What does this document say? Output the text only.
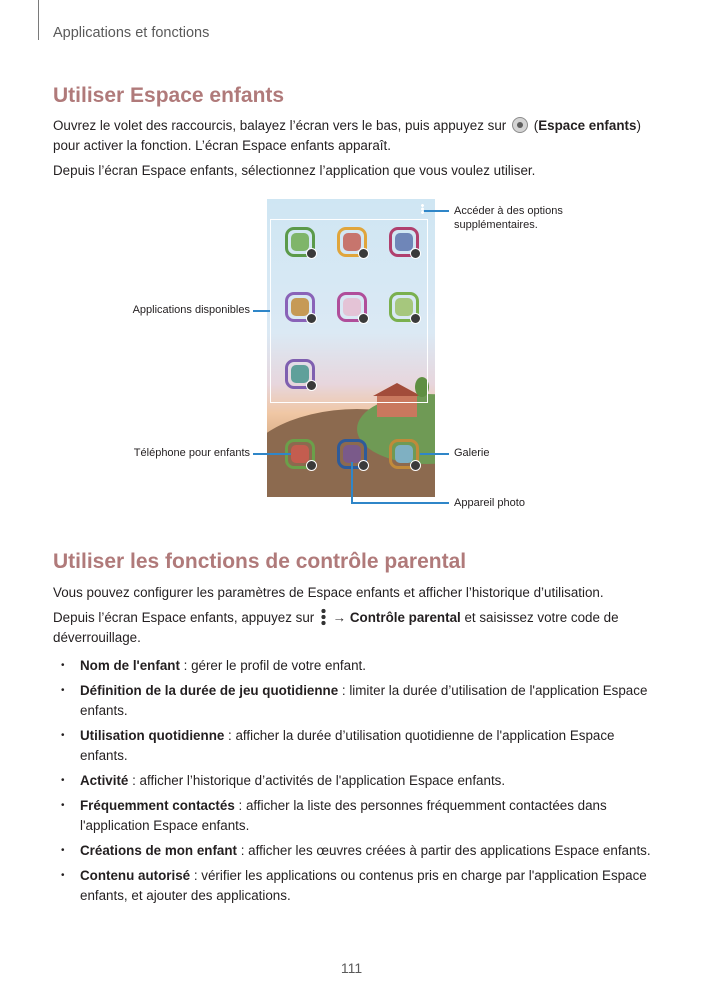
Applications et fonctions
Utiliser Espace enfants
Ouvrez le volet des raccourcis, balayez l’écran vers le bas, puis appuyez sur  (Espace enfants) pour activer la fonction. L’écran Espace enfants apparaît.
Depuis l’écran Espace enfants, sélectionnez l’application que vous voulez utiliser.
Accéder à des options supplémentaires.
Applications disponibles
Téléphone pour enfants	Galerie
Appareil photo
Utiliser les fonctions de contrôle parental
Vous pouvez configurer les paramètres de Espace enfants et afficher l’historique d’utilisation.
Depuis l’écran Espace enfants, appuyez sur → Contrôle parental et saisissez votre code de déverrouillage.
• Nom de l'enfant : gérer le profil de votre enfant.
• Définition de la durée de jeu quotidienne : limiter la durée d’utilisation de l'application Espace enfants.
• Utilisation quotidienne : afficher la durée d’utilisation quotidienne de l'application Espace enfants.
• Activité : afficher l’historique d’activités de l'application Espace enfants.
• Fréquemment contactés : afficher la liste des personnes fréquemment contactées dans l'application Espace enfants.
• Créations de mon enfant : afficher les œuvres créées à partir des applications Espace enfants.
• Contenu autorisé : vérifier les applications ou contenus pris en charge par l'application Espace enfants, et ajouter des applications.
111
